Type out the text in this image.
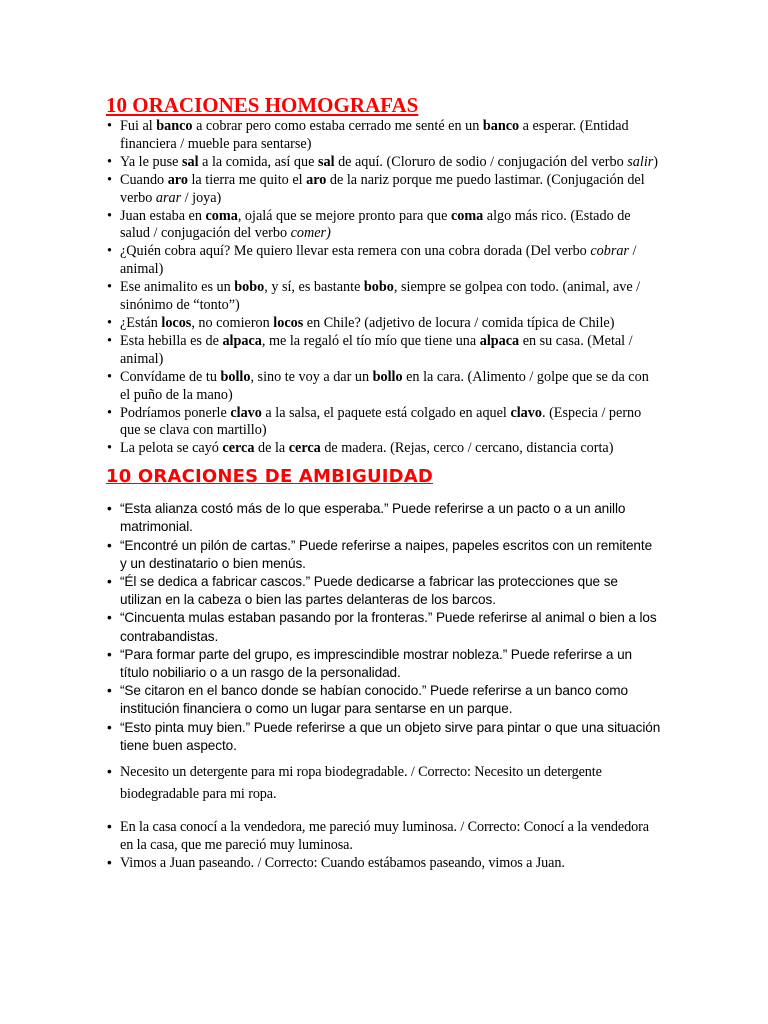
10 ORACIONES HOMOGRAFAS
• Fui al banco a cobrar pero como estaba cerrado me senté en un banco a esperar. (Entidad financiera / mueble para sentarse)
• Ya le puse sal a la comida, así que sal de aquí. (Cloruro de sodio / conjugación del verbo salir)
• Cuando aro la tierra me quito el aro de la nariz porque me puedo lastimar. (Conjugación del verbo arar / joya)
• Juan estaba en coma, ojalá que se mejore pronto para que coma algo más rico. (Estado de salud / conjugación del verbo comer)
• ¿Quién cobra aquí? Me quiero llevar esta remera con una cobra dorada (Del verbo cobrar / animal)
• Ese animalito es un bobo, y sí, es bastante bobo, siempre se golpea con todo. (animal, ave / sinónimo de “tonto”)
• ¿Están locos, no comieron locos en Chile? (adjetivo de locura / comida típica de Chile)
• Esta hebilla es de alpaca, me la regaló el tío mío que tiene una alpaca en su casa. (Metal / animal)
• Convídame de tu bollo, sino te voy a dar un bollo en la cara. (Alimento / golpe que se da con el puño de la mano)
• Podríamos ponerle clavo a la salsa, el paquete está colgado en aquel clavo. (Especia / perno que se clava con martillo)
• La pelota se cayó cerca de la cerca de madera. (Rejas, cerco / cercano, distancia corta)
10 ORACIONES DE AMBIGUIDAD
• “Esta alianza costó más de lo que esperaba.” Puede referirse a un pacto o a un anillo matrimonial.
• “Encontré un pilón de cartas.” Puede referirse a naipes, papeles escritos con un remitente y un destinatario o bien menús.
• “Él se dedica a fabricar cascos.” Puede dedicarse a fabricar las protecciones que se utilizan en la cabeza o bien las partes delanteras de los barcos.
• “Cincuenta mulas estaban pasando por la fronteras.” Puede referirse al animal o bien a los contrabandistas.
• “Para formar parte del grupo, es imprescindible mostrar nobleza.” Puede referirse a un título nobiliario o a un rasgo de la personalidad.
• “Se citaron en el banco donde se habían conocido.” Puede referirse a un banco como institución financiera o como un lugar para sentarse en un parque.
• “Esto pinta muy bien.” Puede referirse a que un objeto sirve para pintar o que una situación tiene buen aspecto.
• Necesito un detergente para mi ropa biodegradable. / Correcto: Necesito un detergente biodegradable para mi ropa.
• En la casa conocí a la vendedora, me pareció muy luminosa. / Correcto: Conocí a la vendedora en la casa, que me pareció muy luminosa.
• Vimos a Juan paseando. / Correcto: Cuando estábamos paseando, vimos a Juan.
